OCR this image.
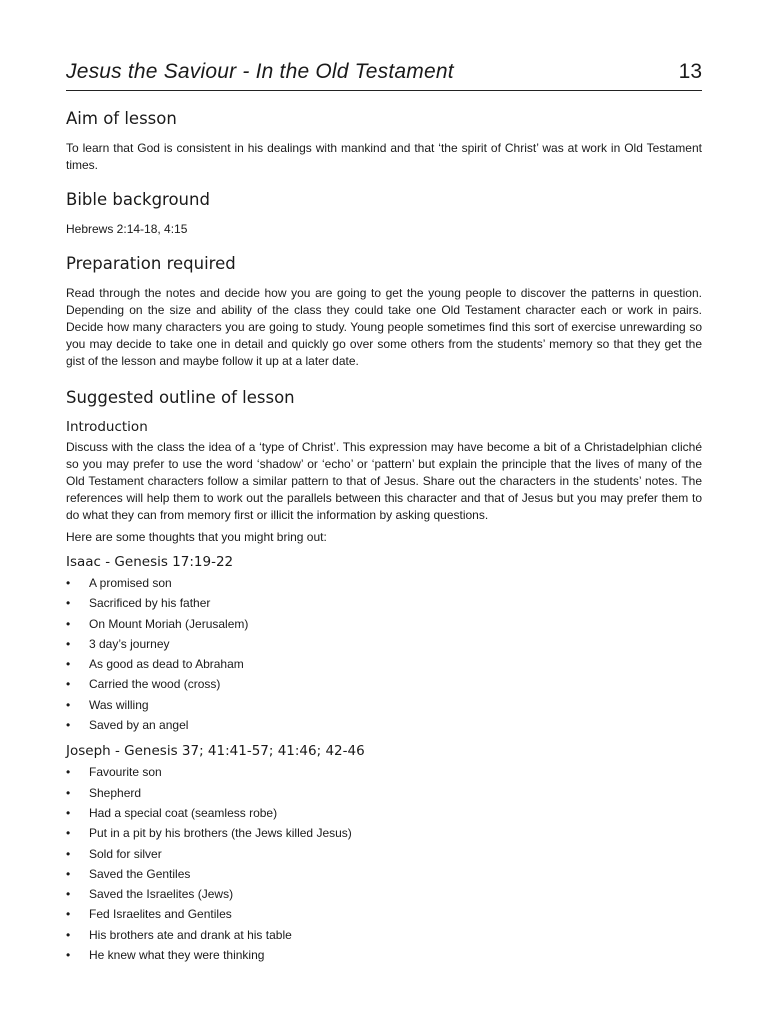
Jesus the Saviour - In the Old Testament	13
Aim of lesson

To learn that God is consistent in his dealings with mankind and that ‘the spirit of Christ’ was at work in Old Testament times.

Bible background

Hebrews 2:14-18, 4:15

Preparation required

Read through the notes and decide how you are going to get the young people to discover the patterns in question. Depending on the size and ability of the class they could take one Old Testament character each or work in pairs. Decide how many characters you are going to study. Young people sometimes find this sort of exercise unrewarding so you may decide to take one in detail and quickly go over some others from the students’ memory so that they get the gist of the lesson and maybe follow it up at a later date.

Suggested outline of lesson
Introduction

Discuss with the class the idea of a ‘type of Christ’. This expression may have become a bit of a Christadelphian cliché so you may prefer to use the word ‘shadow’ or ‘echo’ or ‘pattern’ but explain the principle that the lives of many of the Old Testament characters follow a similar pattern to that of Jesus. Share out the characters in the students’ notes. The references will help them to work out the parallels between this character and that of Jesus but you may prefer them to do what they can from memory first or illicit the information by asking questions.

Here are some thoughts that you might bring out:

Isaac - Genesis 17:19-22
• A promised son
• Sacrificed by his father
• On Mount Moriah (Jerusalem)
• 3 day’s journey
• As good as dead to Abraham
• Carried the wood (cross)
• Was willing
• Saved by an angel
Joseph - Genesis 37; 41:41-57; 41:46; 42-46
• Favourite son
• Shepherd
• Had a special coat (seamless robe)
• Put in a pit by his brothers (the Jews killed Jesus)
• Sold for silver
• Saved the Gentiles
• Saved the Israelites (Jews)
• Fed Israelites and Gentiles
• His brothers ate and drank at his table
• He knew what they were thinking
